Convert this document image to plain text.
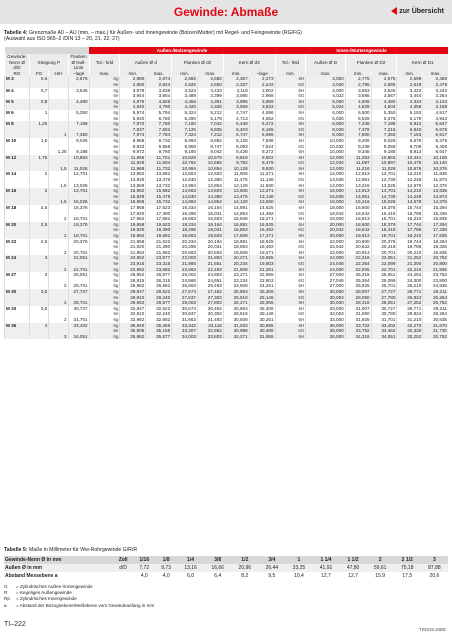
Gewinde: Abmaße	zur Übersicht
Tabelle 4: Grenzmaße A0 – AU (min. – max.) für Außen- und Innengewinde (Bolzen/Mutter) mit Regel- und Feingewinde (RG/FG)
(Auswahl aus ISO 965–2 /DIN 13 – 20, 21, 22, 27)
				Außen-/Bolzengewinde							Innen-/Mutterngewinde					
Gewinde-Nenn Ø d/D	Steigung P		Flanken Ø Null- Linie	Tol.- feld	Außen Ø d		Flanken Ø d2		Kern Ø d3		Tol.- feld	Außen Ø D	Flanken Ø D2		Kern Ø D1	
RG	FG	H/H	−lage	max.	min.	max.	min.	max.	min.	−lage	min.	max.	min.	max.	min.	max.
M 3	0,5		2,675	6g	2,980	2,874	2,655	2,580	2,367	2,273	6H	3,000	2,775	2,675	2,599	2,459
				6e	2,950	2,844	2,625	2,550	2,337	2,243	6G	3,020	2,795	2,695	2,619	2,479
M 4	0,7		3,545	6g	3,978	3,838	3,523	3,433	3,119	3,002	6H	4,000	3,663	3,545	3,422	3,242
				6e	3,944	3,804	3,489	3,399	3,085	2,968	6G	4,022	3,685	3,567	3,444	3,264
M 5	0,8		4,480	6g	4,976	4,826	4,456	4,361	3,995	3,869	6H	5,000	4,605	4,480	4,334	4,134
				6e	4,940	4,790	4,420	4,325	3,959	3,833	6G	5,024	4,629	4,504	4,358	4,158
M 6	1		5,350	6g	5,974	5,794	5,324	5,212	4,747	4,596	6H	6,000	5,500	5,350	5,153	4,917
				6e	5,940	5,760	5,290	5,178	4,713	4,562	6G	6,026	5,526	5,376	5,179	4,943
M 8	1,25		7,188	6g	7,972	7,760	7,160	7,042	6,438	6,272	6H	8,000	7,348	7,188	6,912	6,647
				6e	7,937	7,602	7,125	6,935	6,403	6,165	6G	8,028	7,376	7,216	6,940	6,675
		1	7,350	6g	7,974	7,794	7,324	7,212	6,747	6,596	6H	8,000	7,500	7,350	7,153	6,917
M 10	1,5		9,026	6g	9,968	9,732	8,994	8,862	8,128	7,938	6H	10,000	9,206	9,026	8,676	8,376
				6e	9,933	9,558	8,959	8,747	8,093	7,824	6G	10,032	9,238	9,058	8,708	8,408
		1,25	9,188	6g	9,972	9,760	9,160	9,042	8,438	8,272	6H	10,000	9,348	9,188	8,912	8,647
M 12	1,75		10,863	6g	11,966	11,701	10,829	10,679	9,819	9,602	6H	12,000	11,063	10,863	10,441	10,106
				6e	11,929	11,504	10,792	10,556	9,782	9,479	6G	12,034	11,097	10,897	10,475	10,140
		1,5	11,026	6g	11,968	11,732	10,994	10,854	10,128	9,930	6H	12,000	11,216	11,026	10,676	10,376
M 14	2		12,701	6g	13,962	13,682	12,663	12,503	11,508	11,271	6H	14,000	12,913	12,701	12,210	11,835
				6e	13,929	13,479	12,630	12,380	11,475	11,148	6G	14,038	12,951	12,739	12,248	11,873
		1,5	13,026	6g	13,968	13,732	12,994	12,854	12,128	11,930	6H	14,000	13,216	13,026	12,676	12,376
M 16	2		14,701	6g	15,962	15,682	14,663	14,503	13,508	13,271	6H	16,000	14,913	14,701	14,210	13,835
				6e	15,929	15,479	14,630	14,380	13,475	13,148	6G	16,038	14,951	14,739	14,248	13,873
		1,5	15,026	6g	15,968	15,732	14,994	14,854	14,128	13,930	6H	16,000	15,216	15,026	14,676	14,376
M 18	2,5		16,376	6g	17,958	17,623	16,334	16,164	14,891	14,625	6H	18,000	16,600	16,376	15,744	15,294
				6e	17,920	17,390	16,296	16,031	14,853	14,492	6G	18,042	16,642	16,418	15,786	15,336
		2	16,701	6g	17,962	17,682	16,663	16,503	15,508	15,271	6H	18,000	16,913	16,701	16,210	15,835
M 20	2,5		18,376	6g	19,958	19,623	18,334	18,164	16,891	16,625	6H	20,000	18,600	18,376	17,744	17,294
				6e	19,920	19,390	18,296	18,031	16,853	16,492	6G	20,042	18,642	18,418	17,786	17,336
		2	18,701	6g	19,962	19,682	18,663	18,503	17,508	17,271	6H	20,000	18,913	18,701	18,210	17,835
M 22	2,5		20,376	6g	21,958	21,623	20,334	20,164	18,891	18,625	6H	22,000	20,600	20,376	19,744	19,294
				6e	21,920	21,390	20,296	20,031	18,853	18,492	6G	22,042	20,642	20,418	19,786	19,336
		2	20,701	6g	21,962	21,682	20,663	20,503	19,508	19,271	6H	22,000	20,913	20,701	20,210	19,835
M 24	3		22,051	6g	23,952	23,577	22,003	21,803	20,271	19,955	6H	24,000	22,316	22,051	21,252	20,752
				6e	23,915	23,315	21,966	21,651	20,234	19,803	6G	24,048	22,364	22,099	21,300	20,800
		2	22,701	6g	23,962	23,682	22,663	22,493	21,508	21,261	6H	24,000	22,925	22,701	22,210	21,835
M 27	3		25,051	6g	26,952	26,577	25,003	24,803	23,271	22,955	6H	27,000	25,316	25,051	24,252	23,752
				6e	26,915	26,315	24,966	24,651	23,234	22,803	6G	27,048	25,364	25,099	24,300	23,800
		2	25,701	6g	26,962	26,682	25,663	25,493	24,508	24,261	6H	27,000	25,925	25,701	25,210	24,835
M 30	3,5		27,727	6g	29,947	29,522	27,674	27,462	25,653	25,306	6H	30,000	28,007	27,727	26,771	26,211
				6e	29,910	29,240	27,637	27,302	25,616	25,146	6G	30,053	28,060	27,780	26,824	26,264
		2	28,701	6g	29,952	29,577	28,003	27,803	26,271	25,955	6H	30,000	28,316	28,051	27,252	26,752
M 33	3,5		30,727	6g	32,947	32,522	30,674	30,462	28,653	28,306	6H	33,000	31,007	30,727	29,771	29,211
				6e	32,910	32,240	30,637	30,302	28,616	28,146	6G	33,053	31,060	30,780	29,824	29,264
		2	31,701	6g	32,962	32,682	31,663	31,493	30,508	30,261	6H	33,000	31,925	31,701	31,210	30,835
M 36	4		33,402	6g	35,940	35,465	33,342	33,118	31,033	30,655	6H	36,000	33,702	33,402	32,270	31,670
				6e	35,905	35,155	33,307	32,952	30,998	30,489	6G	36,060	33,762	33,462	32,330	31,730
		3	34,051	6g	35,952	35,577	34,003	33,803	32,271	31,955	6H	36,000	34,316	34,051	33,252	32,752
Tabelle 5: Maße in Millimeter für Ww-Rohrgewinde G/R/R
Gewinde-Nenn Ø in mm	Zoll	1/16	1/8	1/4	3/8	1/2	3/4	1	1 1/4	1 1/2	2	2 1/2	3
Außen Ø in mm	d/D	7,72	9,73	13,16	16,66	20,96	26,44	33,25	41,91	47,80	59,61	75,18	87,88
Abstand Messebene a		4,0	4,0	6,0	6,4	8,2	9,5	10,4	12,7	12,7	15,9	17,5	20,6
G = Zylindrisches Außen-/Innengewinde
R = Kegeliges Außengewinde
Rp = Zylindrisches Innengewinde
a = Abstand der Bezugsebene/Meßebene vom Gewindeanfang in mm
TI–222
TI/2019,10DE
